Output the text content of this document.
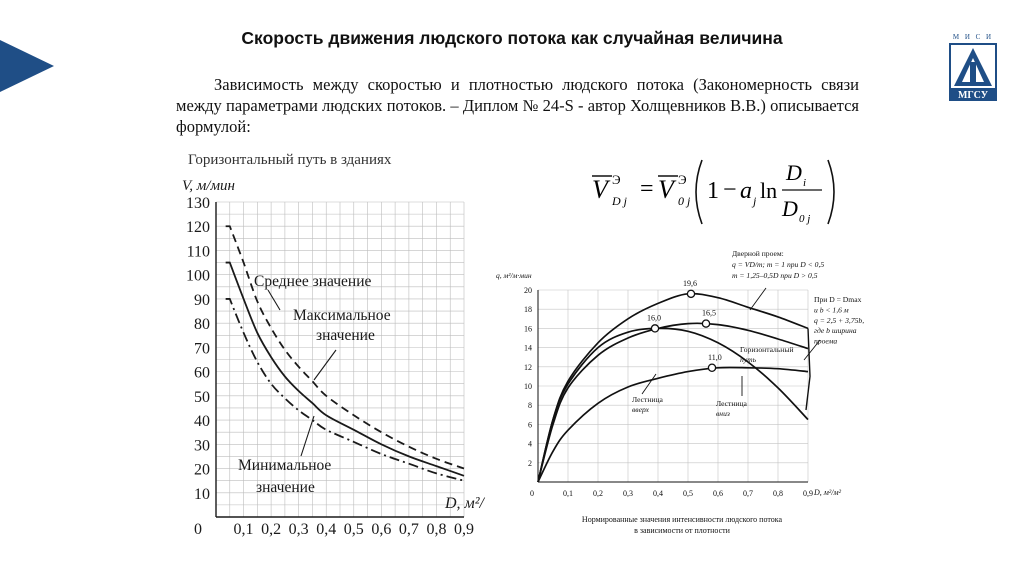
М И С И
МГСУ
Скорость движения людского потока как случайная величина

Зависимость между скоростью и плотностью людского потока (Закономерность связи между параметрами людских потоков. – Диплом № 24-S - автор Холщевников В.В.) описывается формулой:

V Э
D j = V Э
0 j 1 − a j ln
D i
D 0 j
Горизонтальный путь в зданиях
V, м/мин
10
20
30
40
50
60
70
80
90
100
110
120
130
0 0,1 0,2 0,3 0,4 0,5 0,6 0,7 0,8 0,9
D, м²/
Среднее значение
Максимальное
значение
Минимальное
значение
q, м²/м·мин
2
4
6
8
10
12
14
16
18
20
0	0,1	0,2	0,3	0,4	0,5	0,6	0,7	0,8	0,9 D, м²/м²
19,6
16,0
16,5
11,0
Дверной проем:
q = VD/m; m = 1 при D < 0,5
m = 1,25–0,5D при D > 0,5
При D = Dmax
и b < 1,6 м
q = 2,5 + 3,75b,
где b ширина
проема
Горизонтальный
путь
Лестница
вверх
Лестница
вниз
Нормированные значения интенсивности людского потока
в зависимости от плотности
